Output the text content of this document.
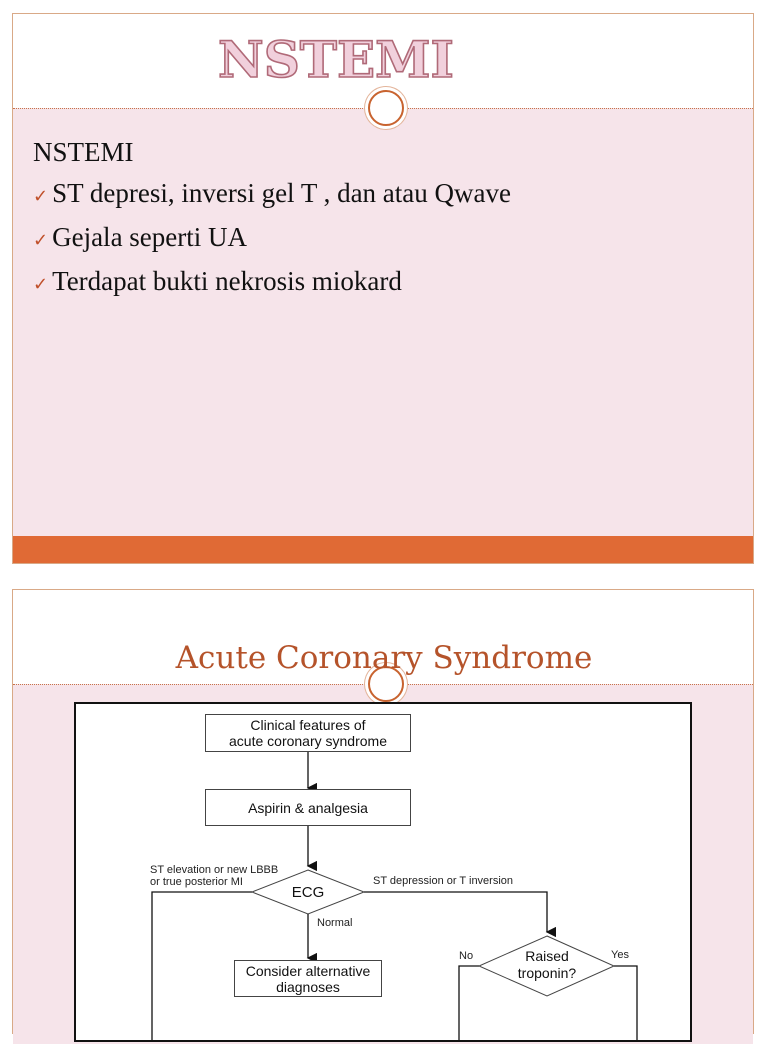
NSTEMI
NSTEMI
✓ ST depresi, inversi gel T , dan atau Qwave
✓ Gejala seperti UA
✓ Terdapat bukti nekrosis miokard
Acute Coronary Syndrome
Clinical features of
acute coronary syndrome
Aspirin & analgesia
ECG
ST elevation or new LBBB
or true posterior MI	ST depression or T inversion
Normal
Consider alternative
diagnoses
Raised
troponin?
No	Yes
